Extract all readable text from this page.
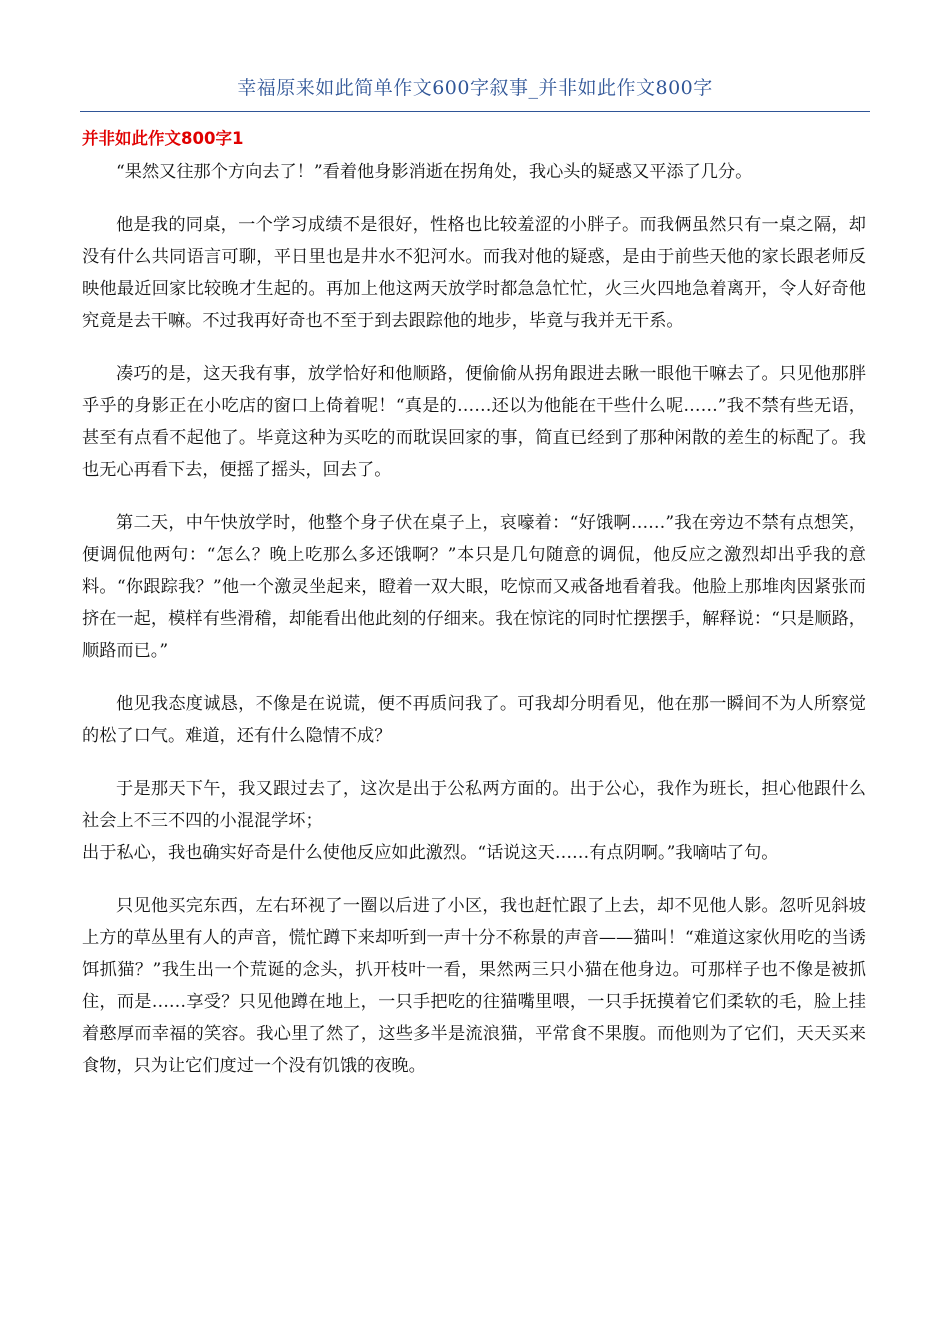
幸福原来如此简单作文600字叙事_并非如此作文800字
并非如此作文800字1

“果然又往那个方向去了！”看着他身影消逝在拐角处，我心头的疑惑又平添了几分。

他是我的同桌，一个学习成绩不是很好，性格也比较羞涩的小胖子。而我俩虽然只有一桌之隔，却没有什么共同语言可聊，平日里也是井水不犯河水。而我对他的疑惑，是由于前些天他的家长跟老师反映他最近回家比较晚才生起的。再加上他这两天放学时都急急忙忙，火三火四地急着离开，令人好奇他究竟是去干嘛。不过我再好奇也不至于到去跟踪他的地步，毕竟与我并无干系。

凑巧的是，这天我有事，放学恰好和他顺路，便偷偷从拐角跟进去瞅一眼他干嘛去了。只见他那胖乎乎的身影正在小吃店的窗口上倚着呢！“真是的……还以为他能在干些什么呢……”我不禁有些无语，甚至有点看不起他了。毕竟这种为买吃的而耽误回家的事，简直已经到了那种闲散的差生的标配了。我也无心再看下去，便摇了摇头，回去了。

第二天，中午快放学时，他整个身子伏在桌子上，哀嚎着：“好饿啊……”我在旁边不禁有点想笑，便调侃他两句：“怎么？晚上吃那么多还饿啊？”本只是几句随意的调侃，他反应之激烈却出乎我的意料。“你跟踪我？”他一个激灵坐起来，瞪着一双大眼，吃惊而又戒备地看着我。他脸上那堆肉因紧张而挤在一起，模样有些滑稽，却能看出他此刻的仔细来。我在惊诧的同时忙摆摆手，解释说：“只是顺路，顺路而已。”

他见我态度诚恳，不像是在说谎，便不再质问我了。可我却分明看见，他在那一瞬间不为人所察觉的松了口气。难道，还有什么隐情不成？

于是那天下午，我又跟过去了，这次是出于公私两方面的。出于公心，我作为班长，担心他跟什么社会上不三不四的小混混学坏；

出于私心，我也确实好奇是什么使他反应如此激烈。“话说这天……有点阴啊。”我嘀咕了句。

只见他买完东西，左右环视了一圈以后进了小区，我也赶忙跟了上去，却不见他人影。忽听见斜坡上方的草丛里有人的声音，慌忙蹲下来却听到一声十分不称景的声音——猫叫！“难道这家伙用吃的当诱饵抓猫？”我生出一个荒诞的念头，扒开枝叶一看，果然两三只小猫在他身边。可那样子也不像是被抓住，而是……享受？只见他蹲在地上，一只手把吃的往猫嘴里喂，一只手抚摸着它们柔软的毛，脸上挂着憨厚而幸福的笑容。我心里了然了，这些多半是流浪猫，平常食不果腹。而他则为了它们，天天买来食物，只为让它们度过一个没有饥饿的夜晚。
